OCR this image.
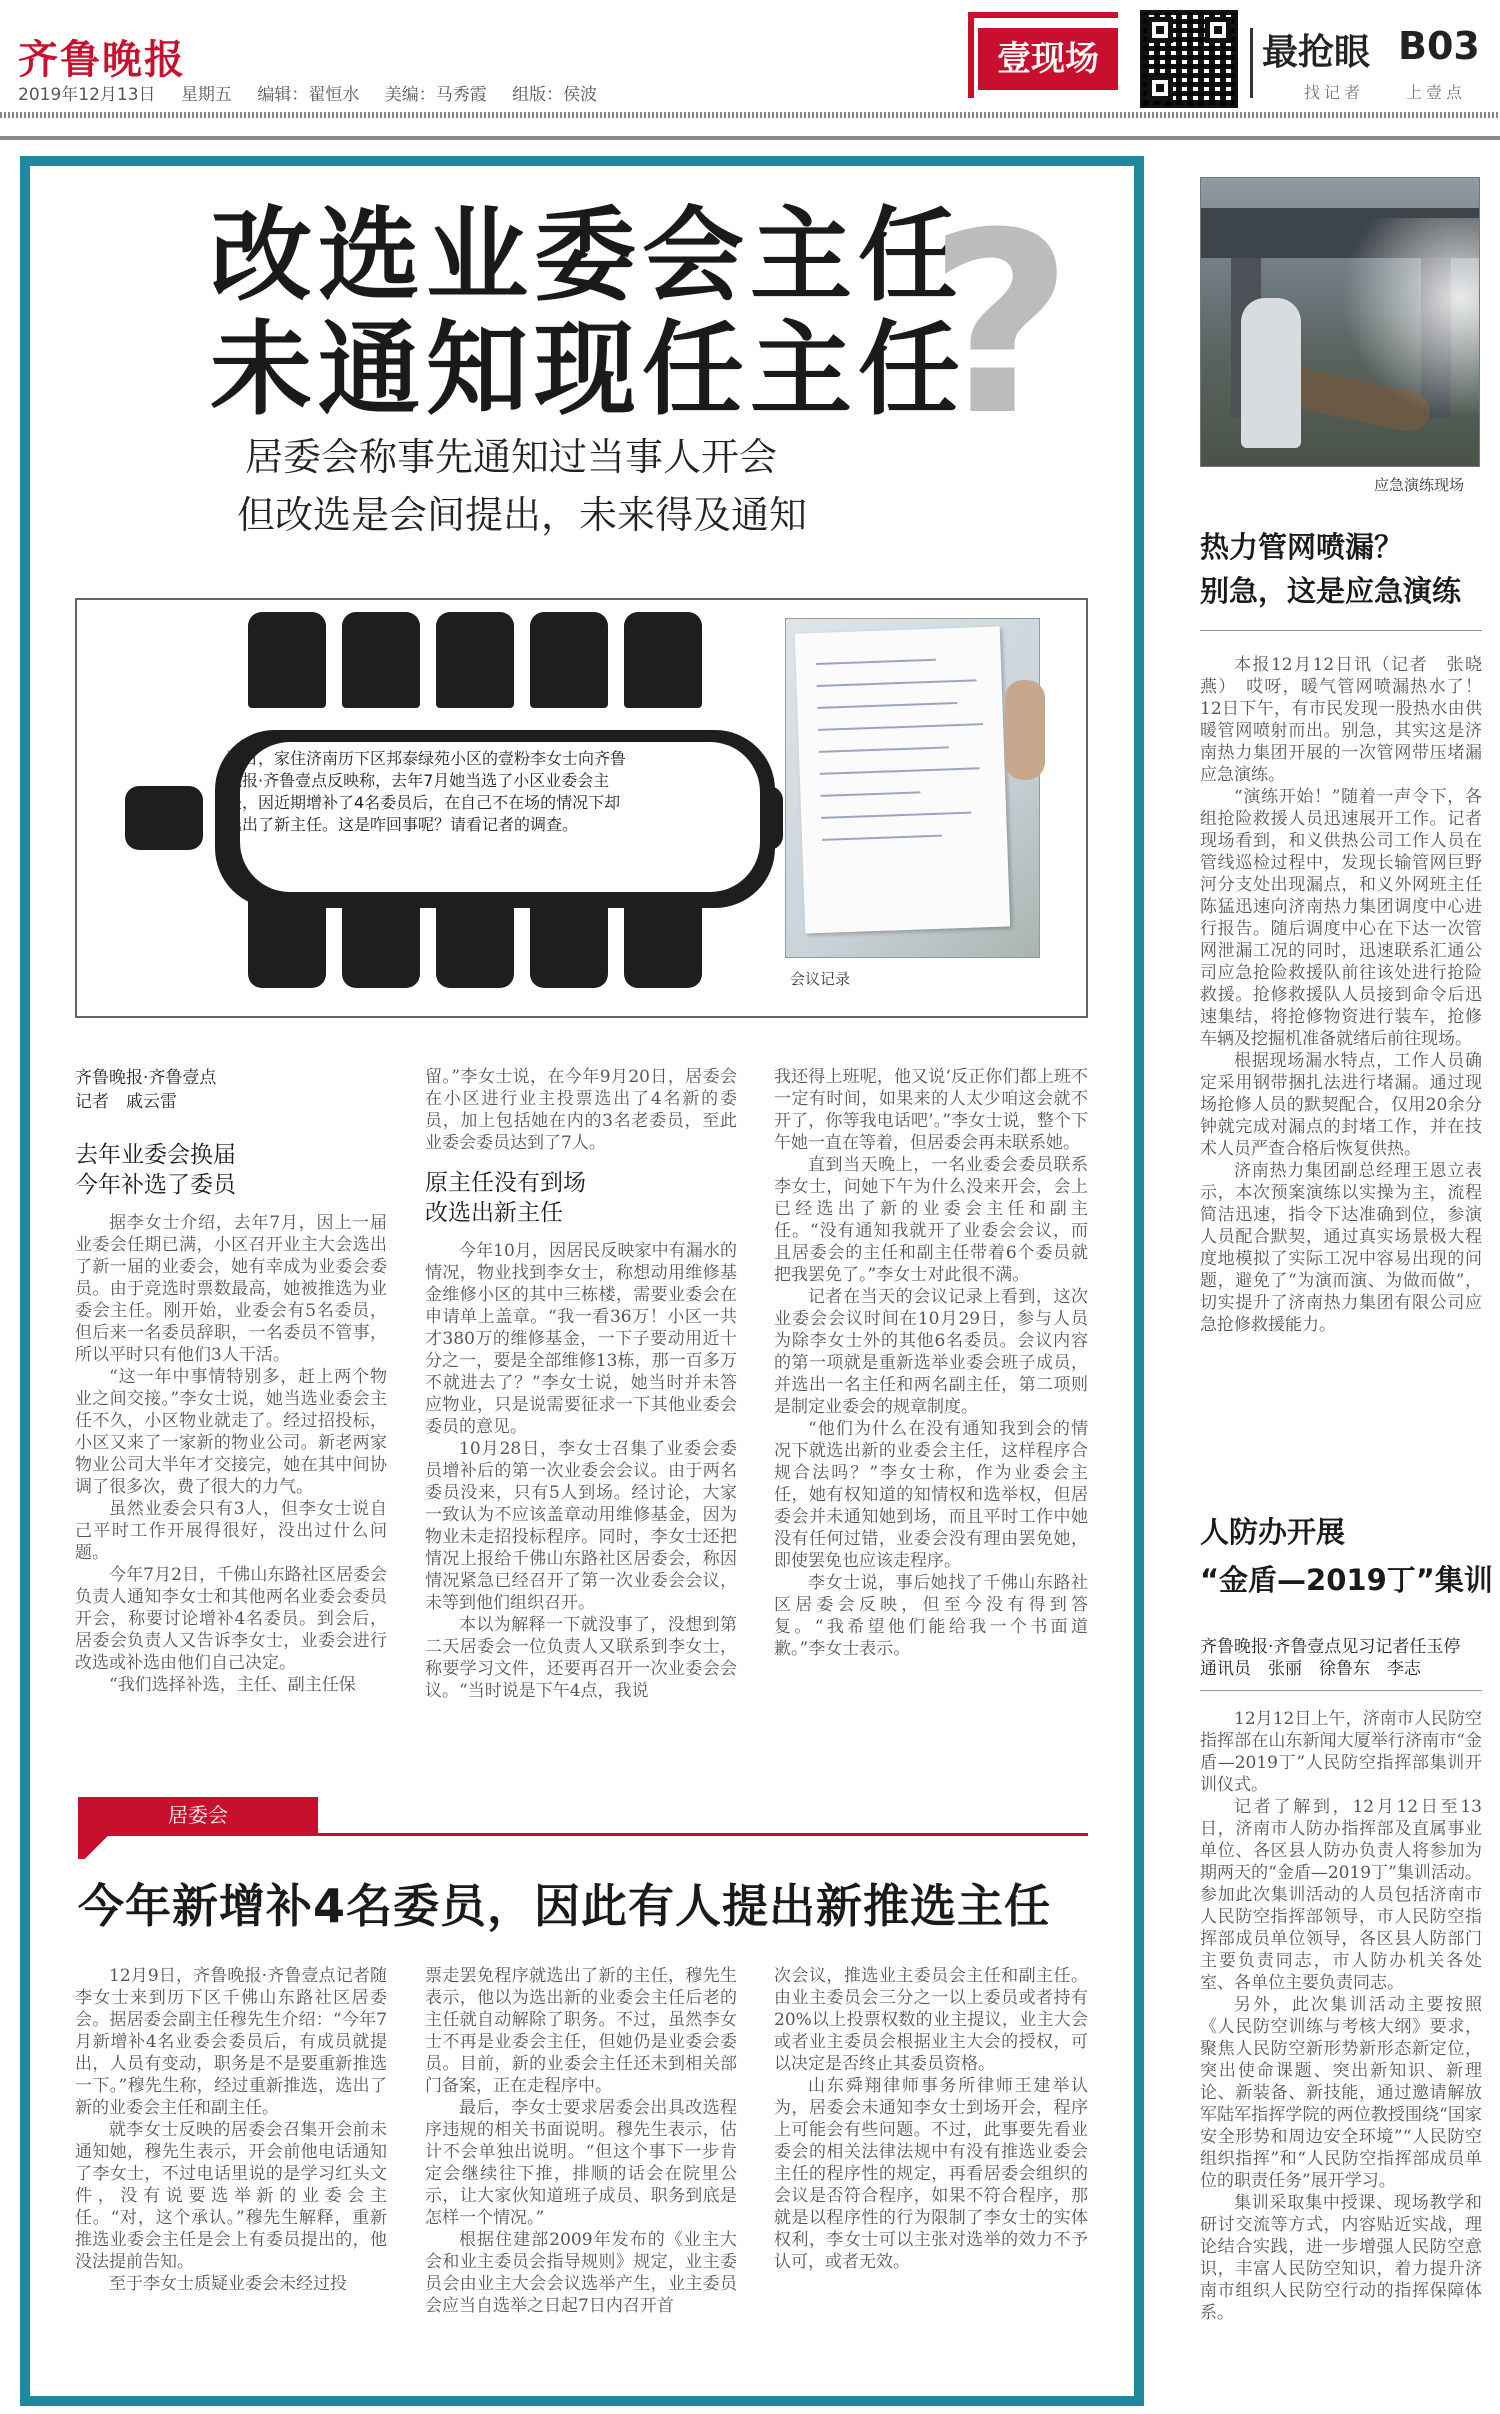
齐鲁晚报
2019年12月13日 星期五 编辑：翟恒水 美编：马秀霞 组版：侯波
壹现场	最抢眼 B03
找记者	上壹点
改选业委会主任
未通知现任主任
?
居委会称事先通知过当事人开会
但改选是会间提出，未来得及通知
近日，家住济南历下区邦泰绿苑小区的壹粉李女士向齐鲁晚报·齐鲁壹点反映称，去年7月她当选了小区业委会主任，因近期增补了4名委员后，在自己不在场的情况下却选出了新主任。这是咋回事呢？请看记者的调查。
会议记录
齐鲁晚报·齐鲁壹点
记者　戚云雷
去年业委会换届
今年补选了委员

据李女士介绍，去年7月，因上一届业委会任期已满，小区召开业主大会选出了新一届的业委会，她有幸成为业委会委员。由于竞选时票数最高，她被推选为业委会主任。刚开始，业委会有5名委员，但后来一名委员辞职，一名委员不管事，所以平时只有他们3人干活。

“这一年中事情特别多，赶上两个物业之间交接。”李女士说，她当选业委会主任不久，小区物业就走了。经过招投标，小区又来了一家新的物业公司。新老两家物业公司大半年才交接完，她在其中间协调了很多次，费了很大的力气。

虽然业委会只有3人，但李女士说自己平时工作开展得很好，没出过什么问题。

今年7月2日，千佛山东路社区居委会负责人通知李女士和其他两名业委会委员开会，称要讨论增补4名委员。到会后，居委会负责人又告诉李女士，业委会进行改选或补选由他们自己决定。

“我们选择补选，主任、副主任保

留。”李女士说，在今年9月20日，居委会在小区进行业主投票选出了4名新的委员，加上包括她在内的3名老委员，至此业委会委员达到了7人。

原主任没有到场
改选出新主任

今年10月，因居民反映家中有漏水的情况，物业找到李女士，称想动用维修基金维修小区的其中三栋楼，需要业委会在申请单上盖章。“我一看36万！小区一共才380万的维修基金，一下子要动用近十分之一，要是全部维修13栋，那一百多万不就进去了？”李女士说，她当时并未答应物业，只是说需要征求一下其他业委会委员的意见。

10月28日，李女士召集了业委会委员增补后的第一次业委会会议。由于两名委员没来，只有5人到场。经讨论，大家一致认为不应该盖章动用维修基金，因为物业未走招投标程序。同时，李女士还把情况上报给千佛山东路社区居委会，称因情况紧急已经召开了第一次业委会会议，未等到他们组织召开。

本以为解释一下就没事了，没想到第二天居委会一位负责人又联系到李女士，称要学习文件，还要再召开一次业委会会议。“当时说是下午4点，我说

我还得上班呢，他又说‘反正你们都上班不一定有时间，如果来的人太少咱这会就不开了，你等我电话吧’。”李女士说，整个下午她一直在等着，但居委会再未联系她。

直到当天晚上，一名业委会委员联系李女士，问她下午为什么没来开会，会上已经选出了新的业委会主任和副主任。“没有通知我就开了业委会会议，而且居委会的主任和副主任带着6个委员就把我罢免了。”李女士对此很不满。

记者在当天的会议记录上看到，这次业委会会议时间在10月29日，参与人员为除李女士外的其他6名委员。会议内容的第一项就是重新选举业委会班子成员，并选出一名主任和两名副主任，第二项则是制定业委会的规章制度。

“他们为什么在没有通知我到会的情况下就选出新的业委会主任，这样程序合规合法吗？”李女士称，作为业委会主任，她有权知道的知情权和选举权，但居委会并未通知她到场，而且平时工作中她没有任何过错，业委会没有理由罢免她，即使罢免也应该走程序。

李女士说，事后她找了千佛山东路社区居委会反映，但至今没有得到答复。“我希望他们能给我一个书面道歉。”李女士表示。

居委会
今年新增补4名委员，因此有人提出新推选主任

12月9日，齐鲁晚报·齐鲁壹点记者随李女士来到历下区千佛山东路社区居委会。据居委会副主任穆先生介绍：“今年7月新增补4名业委会委员后，有成员就提出，人员有变动，职务是不是要重新推选一下。”穆先生称，经过重新推选，选出了新的业委会主任和副主任。

就李女士反映的居委会召集开会前未通知她，穆先生表示，开会前他电话通知了李女士，不过电话里说的是学习红头文件，没有说要选举新的业委会主任。“对，这个承认。”穆先生解释，重新推选业委会主任是会上有委员提出的，他没法提前告知。

至于李女士质疑业委会未经过投

票走罢免程序就选出了新的主任，穆先生表示，他以为选出新的业委会主任后老的主任就自动解除了职务。不过，虽然李女士不再是业委会主任，但她仍是业委会委员。目前，新的业委会主任还未到相关部门备案，正在走程序中。

最后，李女士要求居委会出具改选程序违规的相关书面说明。穆先生表示，估计不会单独出说明。“但这个事下一步肯定会继续往下推，排顺的话会在院里公示，让大家伙知道班子成员、职务到底是怎样一个情况。”

根据住建部2009年发布的《业主大会和业主委员会指导规则》规定，业主委员会由业主大会会议选举产生，业主委员会应当自选举之日起7日内召开首

次会议，推选业主委员会主任和副主任。由业主委员会三分之一以上委员或者持有20%以上投票权数的业主提议，业主大会或者业主委员会根据业主大会的授权，可以决定是否终止其委员资格。

山东舜翔律师事务所律师王建举认为，居委会未通知李女士到场开会，程序上可能会有些问题。不过，此事要先看业委会的相关法律法规中有没有推选业委会主任的程序性的规定，再看居委会组织的会议是否符合程序，如果不符合程序，那就是以程序性的行为限制了李女士的实体权利，李女士可以主张对选举的效力不予认可，或者无效。

应急演练现场
热力管网喷漏？
别急，这是应急演练

本报12月12日讯（记者　张晓燕）　哎呀，暖气管网喷漏热水了！12日下午，有市民发现一股热水由供暖管网喷射而出。别急，其实这是济南热力集团开展的一次管网带压堵漏应急演练。

“演练开始！”随着一声令下，各组抢险救援人员迅速展开工作。记者现场看到，和义供热公司工作人员在管线巡检过程中，发现长输管网巨野河分支处出现漏点，和义外网班主任陈猛迅速向济南热力集团调度中心进行报告。随后调度中心在下达一次管网泄漏工况的同时，迅速联系汇通公司应急抢险救援队前往该处进行抢险救援。抢修救援队人员接到命令后迅速集结，将抢修物资进行装车，抢修车辆及挖掘机准备就绪后前往现场。

根据现场漏水特点，工作人员确定采用钢带捆扎法进行堵漏。通过现场抢修人员的默契配合，仅用20余分钟就完成对漏点的封堵工作，并在技术人员严查合格后恢复供热。

济南热力集团副总经理王恩立表示，本次预案演练以实操为主，流程简洁迅速，指令下达准确到位，参演人员配合默契，通过真实场景极大程度地模拟了实际工况中容易出现的问题，避免了“为演而演、为做而做”，切实提升了济南热力集团有限公司应急抢修救援能力。

人防办开展
“金盾—2019丁”集训
齐鲁晚报·齐鲁壹点见习记者任玉停　通讯员　张丽　徐鲁东　李志

12月12日上午，济南市人民防空指挥部在山东新闻大厦举行济南市“金盾—2019丁”人民防空指挥部集训开训仪式。

记者了解到，12月12日至13日，济南市人防办指挥部及直属事业单位、各区县人防办负责人将参加为期两天的“金盾—2019丁”集训活动。参加此次集训活动的人员包括济南市人民防空指挥部领导，市人民防空指挥部成员单位领导，各区县人防部门主要负责同志，市人防办机关各处室、各单位主要负责同志。

另外，此次集训活动主要按照《人民防空训练与考核大纲》要求，聚焦人民防空新形势新形态新定位，突出使命课题、突出新知识、新理论、新装备、新技能，通过邀请解放军陆军指挥学院的两位教授围绕“国家安全形势和周边安全环境”“人民防空组织指挥”和“人民防空指挥部成员单位的职责任务”展开学习。

集训采取集中授课、现场教学和研讨交流等方式，内容贴近实战，理论结合实践，进一步增强人民防空意识，丰富人民防空知识，着力提升济南市组织人民防空行动的指挥保障体系。
